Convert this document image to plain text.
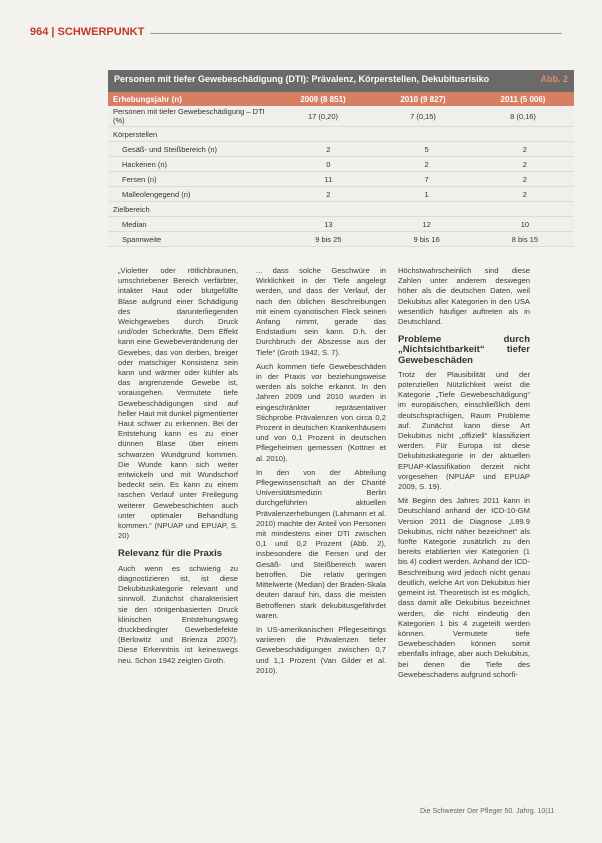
964 | SCHWERPUNKT
Abb. 2
Personen mit tiefer Gewebeschädigung (DTI): Prävalenz, Körperstellen, Dekubitusrisiko
Erhebungsjahr (n)	2009 (8 851)	2010 (9 827)	2011 (5 006)
Personen mit tiefer Gewebeschädigung – DTI (%)	17 (0,20)	7 (0,15)	8 (0,16)
Körperstellen
Gesäß- und Steißbereich (n)	2	5	2
Hackenen (n)	0	2	2
Fersen (n)	11	7	2
Malleolengegend (n)	2	1	2
Zielbereich
Median	13	12	10
Spannweite	9 bis 25	9 bis 16	8 bis 15

„Violetter oder rötlichbraunen, umschriebener Bereich verfärbter, intakter Haut oder blutgefüllte Blase aufgrund einer Schädigung des darunterliegenden Weichgewebes durch Druck und/oder Scherkräfte. Dem Effekt kann eine Gewebeveränderung der Gewebes, das von derben, breiger oder matschiger Konsistenz sein kann und wärmer oder kühler als das angrenzende Gewebe ist, vorausgehen. Vermutete tiefe Gewebeschädigungen sind auf heller Haut mit dunkel pigmentierter Haut schwer zu erkennen. Bei der Entstehung kann es zu einer dünnen Blase über einem schwarzen Wundgrund kommen. Die Wunde kann sich weiter entwickeln und mit Wundschorf bedeckt sein. Es kann zu einem raschen Verlauf unter Freilegung weiterer Gewebeschichten auch unter optimaler Behandlung kommen.“ (NPUAP und EPUAP, S. 20)

Relevanz für die Praxis

Auch wenn es schwierig zu diagnostizieren ist, ist diese Dekubituskategorie relevant und sinnvoll. Zunächst charakterisiert sie den röntgenbasierten Druck klinischen Entstehungsweg druckbedingter Gewebedefekte (Berlowitz und Brienza 2007). Diese Erkenntnis ist keineswegs neu. Schon 1942 zeigten Groth.

... dass solche Geschwüre in Wirklichkeit in der Tiefe angelegt werden, und dass der Verlauf, der nach den üblichen Beschreibungen mit einem cyanotischen Fleck seinen Anfang nimmt, gerade das Endstadium sein kann. D.h. der Durchbruch der Abszesse aus der Tiefe“ (Groth 1942, S. 7).

Auch kommen tiefe Gewebeschäden in der Praxis vor beziehungsweise werden als solche erkannt. In den Jahren 2009 und 2010 wurden in eingeschränkter repräsentativer Stichprobe Prävalenzen von circa 0,2 Prozent in deutschen Krankenhäusern und von 0,1 Prozent in deutschen Pflegeheimen gemessen (Kottner et al. 2010).

In den von der Abteilung Pflegewissenschaft an der Charité Universitätsmedizin Berlin durchgeführten aktuellen Prävalenzerhebungen (Lahmann et al. 2010) machte der Anteil von Personen mit mindestens einer DTI zwischen 0,1 und 0,2 Prozent (Abb. 2), insbesondere die Fersen und der Gesäß- und Steißbereich waren betroffen. Die relativ geringen Mittelwerte (Median) der Braden-Skala deuten darauf hin, dass die meisten Betroffenen stark dekubitusgefährdet waren.

In US-amerikanischen Pflegesettings variieren die Prävalenzen tiefer Gewebeschädigungen zwischen 0,7 und 1,1 Prozent (Van Gilder et al. 2010).

Höchstwahrscheinlich sind diese Zahlen unter anderem deswegen höher als die deutschen Daten, weil Dekubitus aller Kategorien in den USA wesentlich häufiger auftreten als in Deutschland.

Probleme durch „Nichtsichtbarkeit“ tiefer Gewebeschäden

Trotz der Plausibilität und der potenziellen Nützlichkeit weist die Kategorie „Tiefe Gewebeschädigung“ im europäischen, einschließlich dem deutschsprachigen, Raum Probleme auf. Zunächst kann diese Art Dekubitus nicht „offiziell“ klassifiziert werden. Für Europa ist diese Dekubituskategorie in der aktuellen EPUAP-Klassifikation derzeit nicht vorgesehen (NPUAP und EPUAP 2009, S. 19).

Mit Beginn des Jahres 2011 kann in Deutschland anhand der ICD-10-GM Version 2011 die Diagnose „L89.9 Dekubitus, nicht näher bezeichnet“ als fünfte Kategorie zusätzlich zu den bereits etablierten vier Kategorien (1 bis 4) codiert werden. Anhand der ICD-Beschreibung wird jedoch nicht genau deutlich, welche Art von Dekubitus hier gemeint ist. Theoretisch ist es möglich, dass damit alle Dekubitus bezeichnet werden, die nicht eindeutig den Kategorien 1 bis 4 zugeteilt werden können. Vermutete tiefe Gewebeschäden können somit ebenfalls infrage, aber auch Dekubitus, bei denen die Tiefe des Gewebeschadens aufgrund schorfi-

Die Schwester Der Pfleger 50. Jahrg. 10|11
